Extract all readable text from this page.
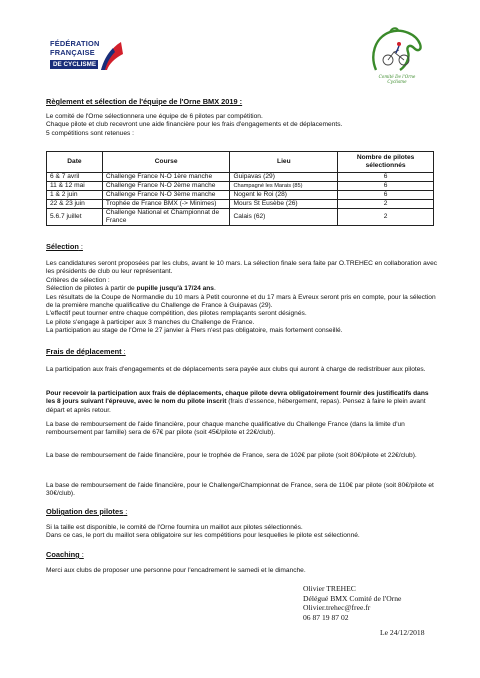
FÉDÉRATION
FRANÇAISE
DE CYCLISME
Comité De l'Orne
Cyclisme
Règlement et sélection de l'équipe de l'Orne BMX 2019 :

Le comité de l'Orne sélectionnera une équipe de 6 pilotes par compétition.

Chaque pilote et club recevront une aide financière pour les frais d'engagements et de déplacements.

5 compétitions sont retenues :

Date	Course	Lieu	Nombre de pilotes sélectionnés
6 & 7 avril	Challenge France N-O 1ère manche	Guipavas (29)	6
11 & 12 mai	Challenge France N-O 2ème manche	Champagné les Marais (85)	6
1 & 2 juin	Challenge France N-O 3ème manche	Nogent le Roi (28)	6
22 & 23 juin	Trophée de France BMX (-> Minimes)	Mours St Eusèbe (26)	2
5.6.7 juillet	Challenge National et Championnat de France	Calais (62)	2
Sélection :

Les candidatures seront proposées par les clubs, avant le 10 mars. La sélection finale sera faite par O.TREHEC en collaboration avec les présidents de club ou leur représentant.

Critères de sélection :

Sélection de pilotes à partir de pupille jusqu'à 17/24 ans.

Les résultats de la Coupe de Normandie du 10 mars à Petit couronne et du 17 mars à Evreux seront pris en compte, pour la sélection de la première manche qualificative du Challenge de France à Guipavas (29).

L'effectif peut tourner entre chaque compétition, des pilotes remplaçants seront désignés.

Le pilote s'engage à participer aux 3 manches du Challenge de France.

La participation au stage de l'Orne le 27 janvier à Flers n'est pas obligatoire, mais fortement conseillé.

Frais de déplacement :
La participation aux frais d'engagements et de déplacements sera payée aux clubs qui auront à charge de redistribuer aux pilotes.
Pour recevoir la participation aux frais de déplacements, chaque pilote devra obligatoirement fournir des justificatifs dans les 8 jours suivant l'épreuve, avec le nom du pilote inscrit (frais d'essence, hébergement, repas). Pensez à faire le plein avant départ et après retour.
La base de remboursement de l'aide financière, pour chaque manche qualificative du Challenge France (dans la limite d'un remboursement par famille) sera de 67€ par pilote (soit 45€/pilote et 22€/club).
La base de remboursement de l'aide financière, pour le trophée de France, sera de 102€ par pilote (soit 80€/pilote et 22€/club).
La base de remboursement de l'aide financière, pour le Challenge/Championnat de France, sera de 110€ par pilote (soit 80€/pilote et 30€/club).
Obligation des pilotes :

Si la taille est disponible, le comité de l'Orne fournira un maillot aux pilotes sélectionnés.

Dans ce cas, le port du maillot sera obligatoire sur les compétitions pour lesquelles le pilote est sélectionné.

Coaching :
Merci aux clubs de proposer une personne pour l'encadrement le samedi et le dimanche.
Olivier TREHEC
Délégué BMX Comité de l'Orne
Olivier.trehec@free.fr
06 87 19 87 02
Le 24/12/2018
